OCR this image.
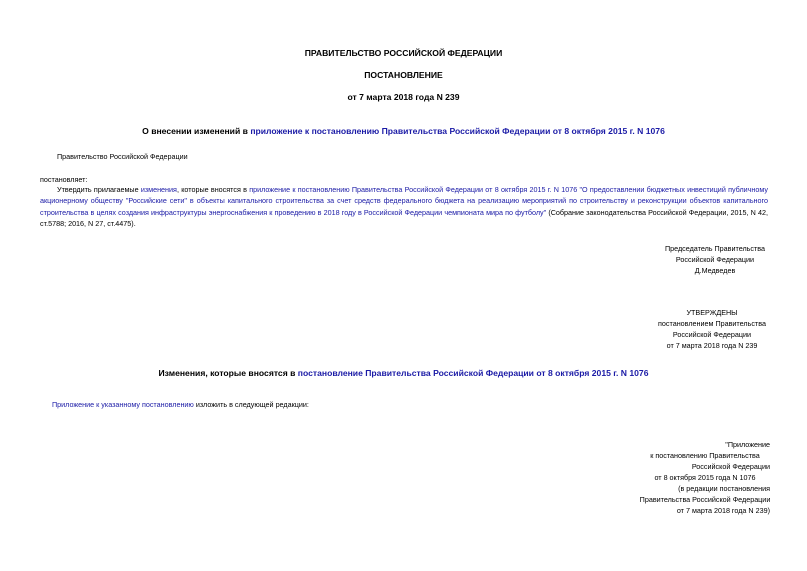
ПРАВИТЕЛЬСТВО РОССИЙСКОЙ ФЕДЕРАЦИИ
ПОСТАНОВЛЕНИЕ
от 7 марта 2018 года N 239
О внесении изменений в приложение к постановлению Правительства Российской Федерации от 8 октября 2015 г. N 1076
Правительство Российской Федерации
постановляет:
Утвердить прилагаемые изменения, которые вносятся в приложение к постановлению Правительства Российской Федерации от 8 октября 2015 г. N 1076 "О предоставлении бюджетных инвестиций публичному акционерному обществу "Российские сети" в объекты капитального строительства за счет средств федерального бюджета на реализацию мероприятий по строительству и реконструкции объектов капитального строительства в целях создания инфраструктуры энергоснабжения к проведению в 2018 году в Российской Федерации чемпионата мира по футболу" (Собрание законодательства Российской Федерации, 2015, N 42, ст.5788; 2016, N 27, ст.4475).
Председатель Правительства
Российской Федерации
Д.Медведев
УТВЕРЖДЕНЫ
постановлением Правительства
Российской Федерации
от 7 марта 2018 года N 239
Изменения, которые вносятся в постановление Правительства Российской Федерации от 8 октября 2015 г. N 1076
Приложение к указанному постановлению изложить в следующей редакции:
"Приложение
к постановлению Правительства
Российской Федерации
от 8 октября 2015 года N 1076
(в редакции постановления
Правительства Российской Федерации
от 7 марта 2018 года N 239)
